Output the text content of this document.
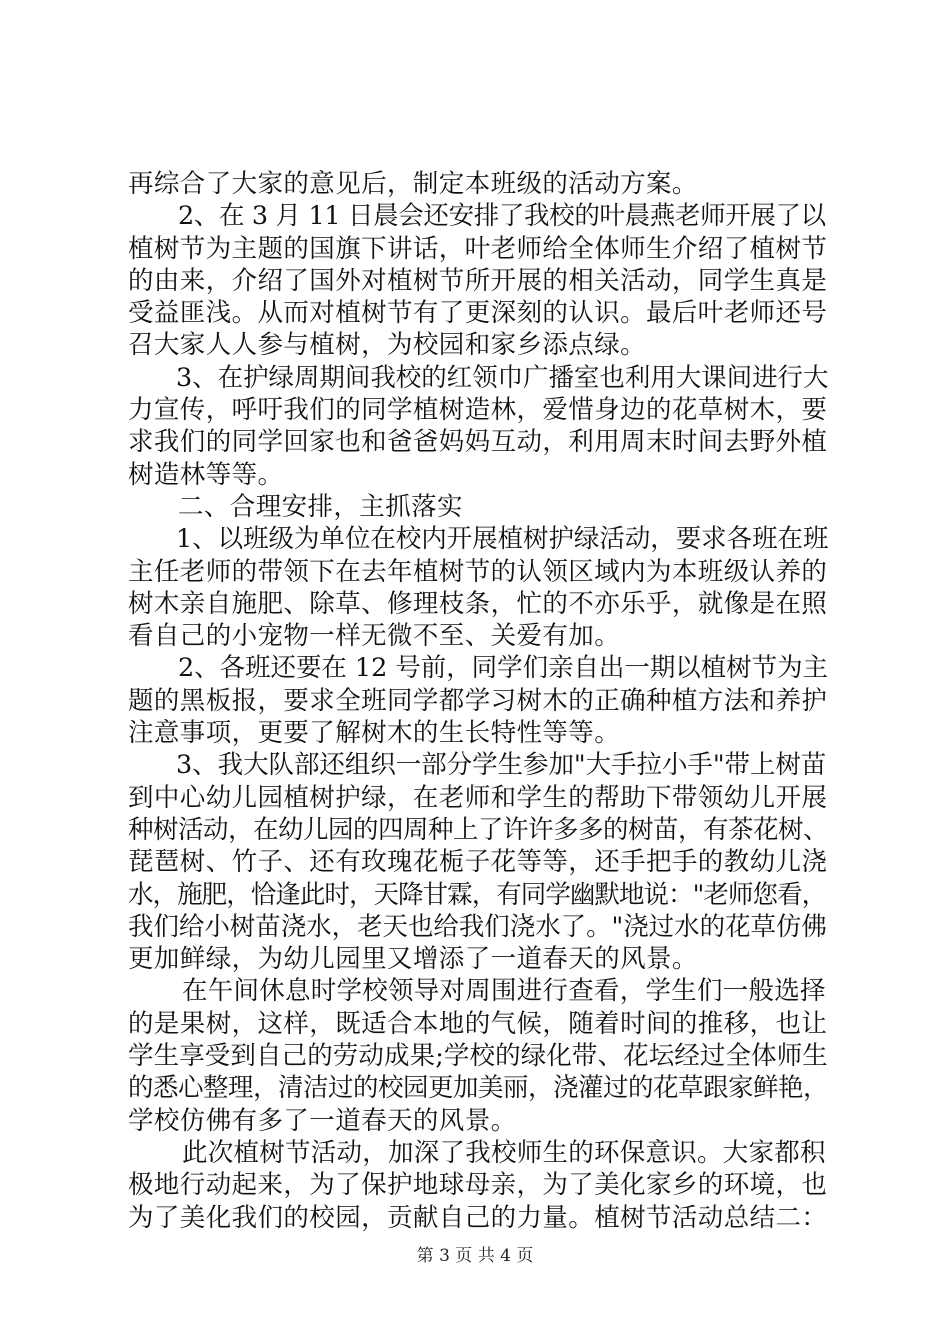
再综合了大家的意见后，制定本班级的活动方案。
2、在 3 月 11 日晨会还安排了我校的叶晨燕老师开展了以
植树节为主题的国旗下讲话，叶老师给全体师生介绍了植树节
的由来，介绍了国外对植树节所开展的相关活动，同学生真是
受益匪浅。从而对植树节有了更深刻的认识。最后叶老师还号
召大家人人参与植树，为校园和家乡添点绿。
3、在护绿周期间我校的红领巾广播室也利用大课间进行大
力宣传，呼吁我们的同学植树造林，爱惜身边的花草树木，要
求我们的同学回家也和爸爸妈妈互动，利用周末时间去野外植
树造林等等。
二、合理安排，主抓落实
1、以班级为单位在校内开展植树护绿活动，要求各班在班
主任老师的带领下在去年植树节的认领区域内为本班级认养的
树木亲自施肥、除草、修理枝条，忙的不亦乐乎，就像是在照
看自己的小宠物一样无微不至、关爱有加。
2、各班还要在 12 号前，同学们亲自出一期以植树节为主
题的黑板报，要求全班同学都学习树木的正确种植方法和养护
注意事项，更要了解树木的生长特性等等。
3、我大队部还组织一部分学生参加"大手拉小手"带上树苗
到中心幼儿园植树护绿，在老师和学生的帮助下带领幼儿开展
种树活动，在幼儿园的四周种上了许许多多的树苗，有茶花树、
琵琶树、竹子、还有玫瑰花栀子花等等，还手把手的教幼儿浇
水，施肥，恰逢此时，天降甘霖，有同学幽默地说："老师您看，
我们给小树苗浇水，老天也给我们浇水了。"浇过水的花草仿佛
更加鲜绿，为幼儿园里又增添了一道春天的风景。
在午间休息时学校领导对周围进行查看，学生们一般选择
的是果树，这样，既适合本地的气候，随着时间的推移，也让
学生享受到自己的劳动成果;学校的绿化带、花坛经过全体师生
的悉心整理，清洁过的校园更加美丽，浇灌过的花草跟家鲜艳，
学校仿佛有多了一道春天的风景。
此次植树节活动，加深了我校师生的环保意识。大家都积
极地行动起来，为了保护地球母亲，为了美化家乡的环境，也
为了美化我们的校园，贡献自己的力量。植树节活动总结二：
第 3 页 共 4 页
